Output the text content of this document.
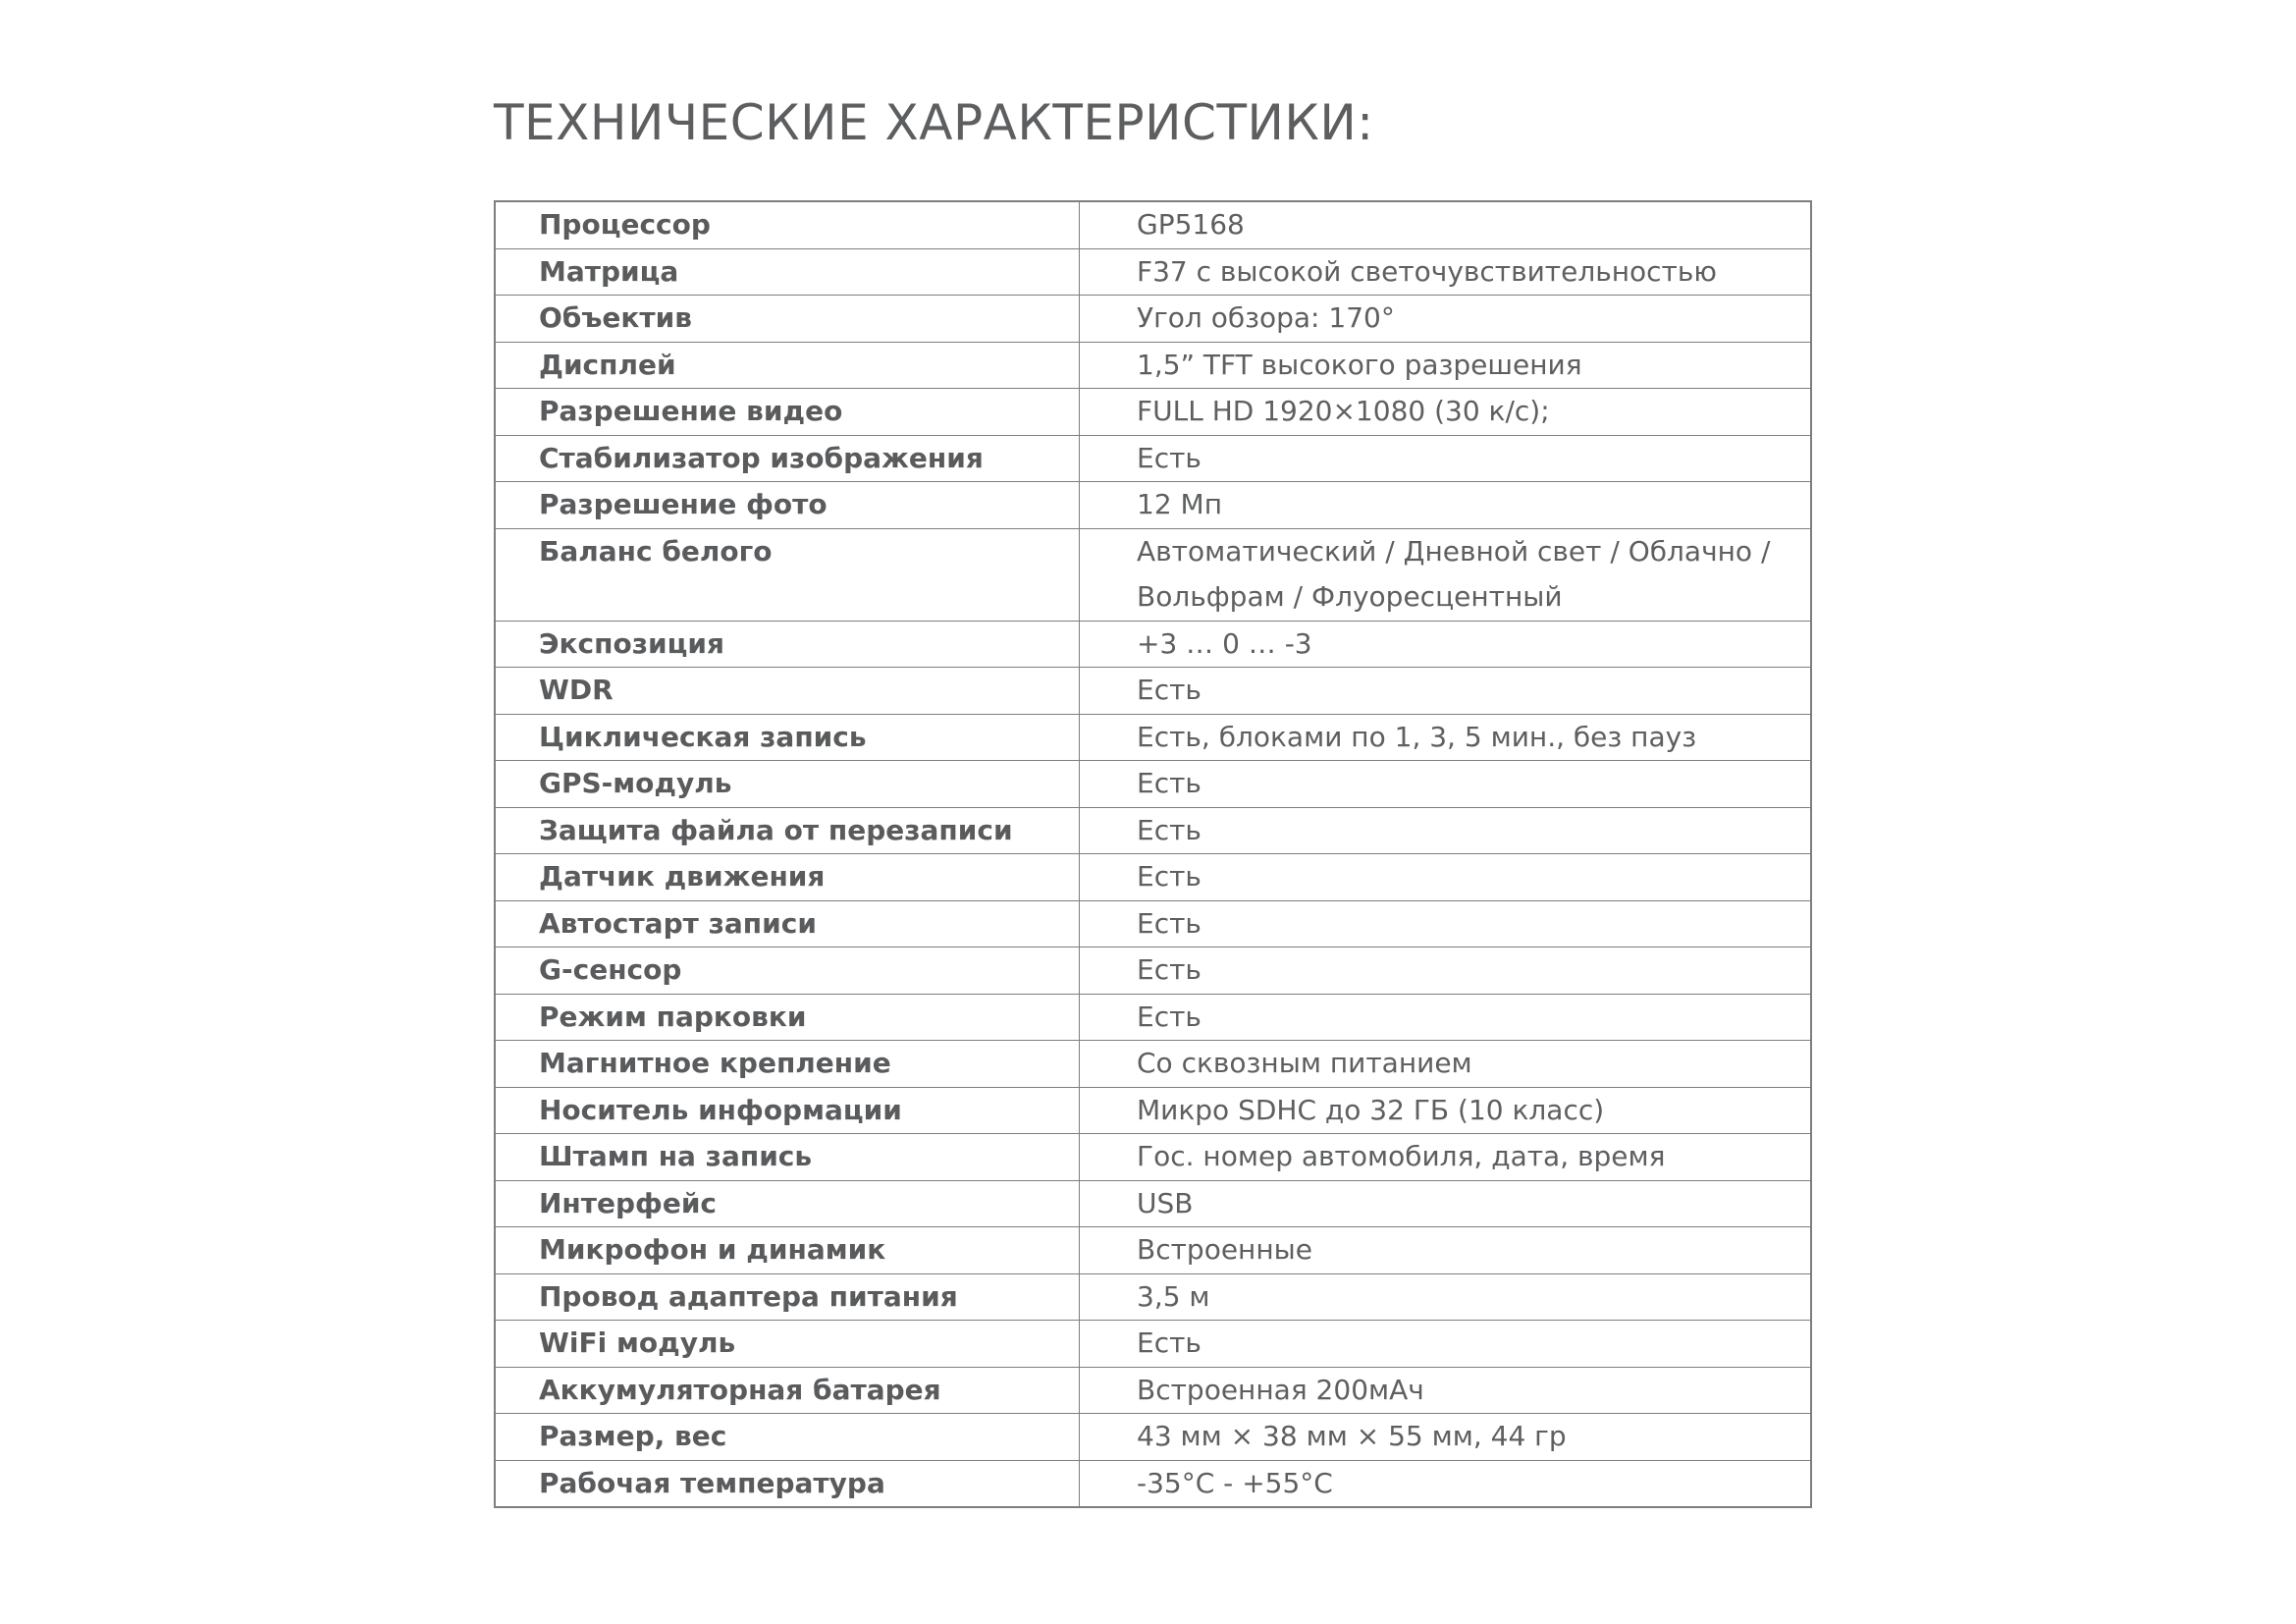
ТЕХНИЧЕСКИЕ ХАРАКТЕРИСТИКИ:
Процессор	GP5168

Матрица	F37 с высокой светочувствительностью

Объектив	Угол обзора: 170°

Дисплей	1,5” TFT высокого разрешения

Разрешение видео	FULL HD 1920×1080 (30 к/с);

Стабилизатор изображения	Есть

Разрешение фото	12 Мп

Баланс белого	Автоматический / Дневной свет / Облачно /
Вольфрам / Флуоресцентный

Экспозиция	+3 … 0 … -3

WDR	Есть

Циклическая запись	Есть, блоками по 1, 3, 5 мин., без пауз

GPS-модуль	Есть

Защита файла от перезаписи	Есть

Датчик движения	Есть

Автостарт записи	Есть

G-сенсор	Есть

Режим парковки	Есть

Магнитное крепление	Со сквозным питанием

Носитель информации	Микро SDHC до 32 ГБ (10 класс)

Штамп на запись	Гос. номер автомобиля, дата, время

Интерфейс	USB

Микрофон и динамик	Встроенные

Провод адаптера питания	3,5 м

WiFi модуль	Есть

Аккумуляторная батарея	Встроенная 200мАч

Размер, вес	43 мм × 38 мм × 55 мм, 44 гр

Рабочая температура	-35°C - +55°C
